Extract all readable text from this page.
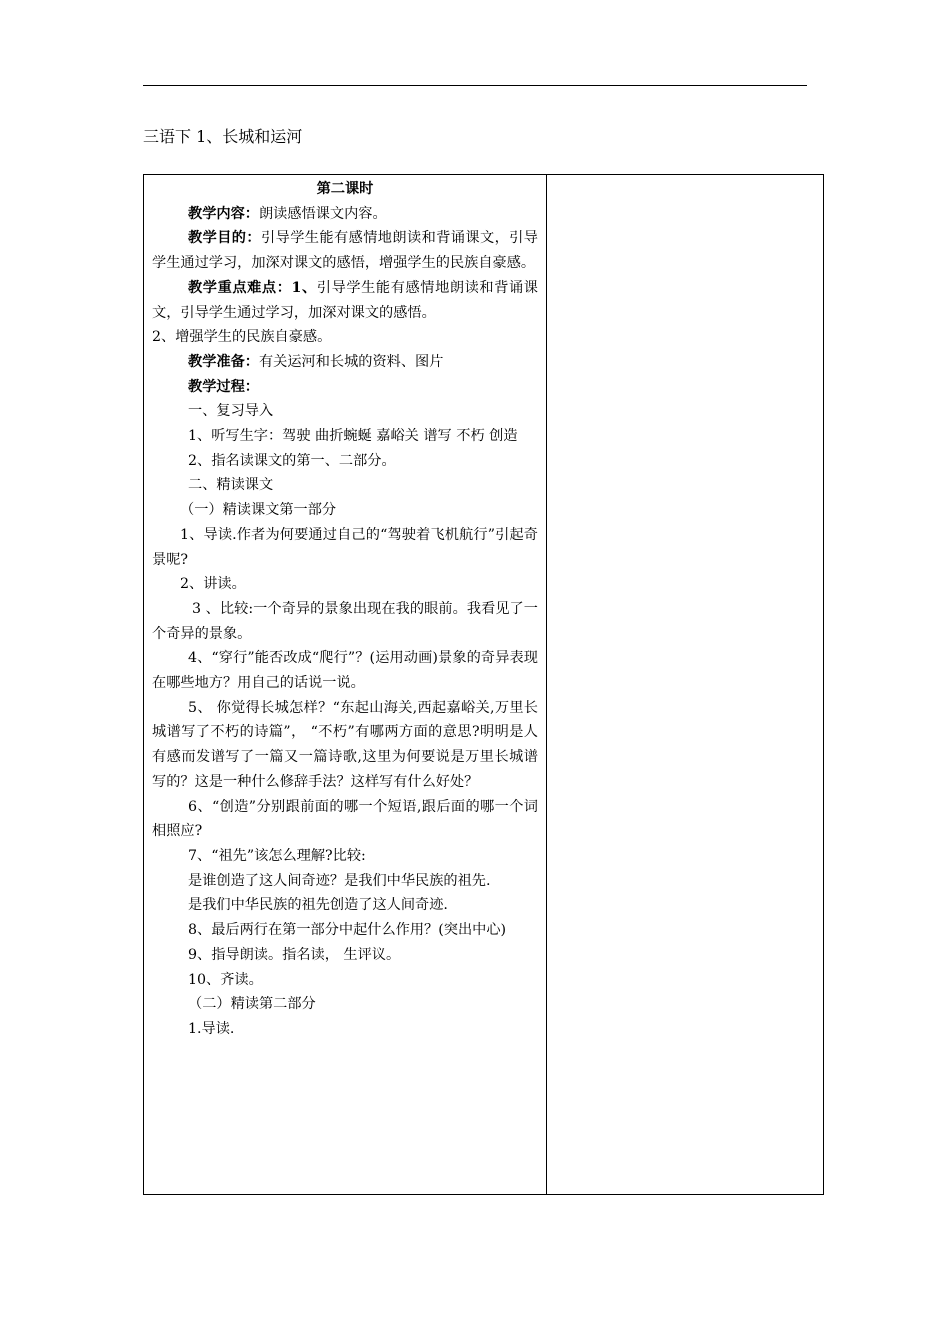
三语下 1、长城和运河

第二课时

教学内容：朗读感悟课文内容。

教学目的：引导学生能有感情地朗读和背诵课文，引导学生通过学习，加深对课文的感悟，增强学生的民族自豪感。

教学重点难点：1、引导学生能有感情地朗读和背诵课文，引导学生通过学习，加深对课文的感悟。

2、增强学生的民族自豪感。

教学准备：有关运河和长城的资料、图片

教学过程：

一、复习导入

1、听写生字：驾驶 曲折蜿蜒 嘉峪关 谱写 不朽 创造

2、指名读课文的第一、二部分。

二、精读课文

（一）精读课文第一部分

1、导读.作者为何要通过自己的“驾驶着飞机航行”引起奇景呢?

2、讲读。

3 、比较:一个奇异的景象出现在我的眼前。我看见了一个奇异的景象。

4、“穿行”能否改成“爬行”？(运用动画)景象的奇异表现在哪些地方？用自己的话说一说。

5、 你觉得长城怎样？“东起山海关,西起嘉峪关,万里长城谱写了不朽的诗篇”， “不朽”有哪两方面的意思?明明是人有感而发谱写了一篇又一篇诗歌,这里为何要说是万里长城谱写的？这是一种什么修辞手法？这样写有什么好处？

6、“创造”分别跟前面的哪一个短语,跟后面的哪一个词相照应?

7、“祖先”该怎么理解?比较:

是谁创造了这人间奇迹？是我们中华民族的祖先.

是我们中华民族的祖先创造了这人间奇迹.

8、最后两行在第一部分中起什么作用？(突出中心)

9、指导朗读。指名读， 生评议。

10、齐读。

（二）精读第二部分

1.导读.
